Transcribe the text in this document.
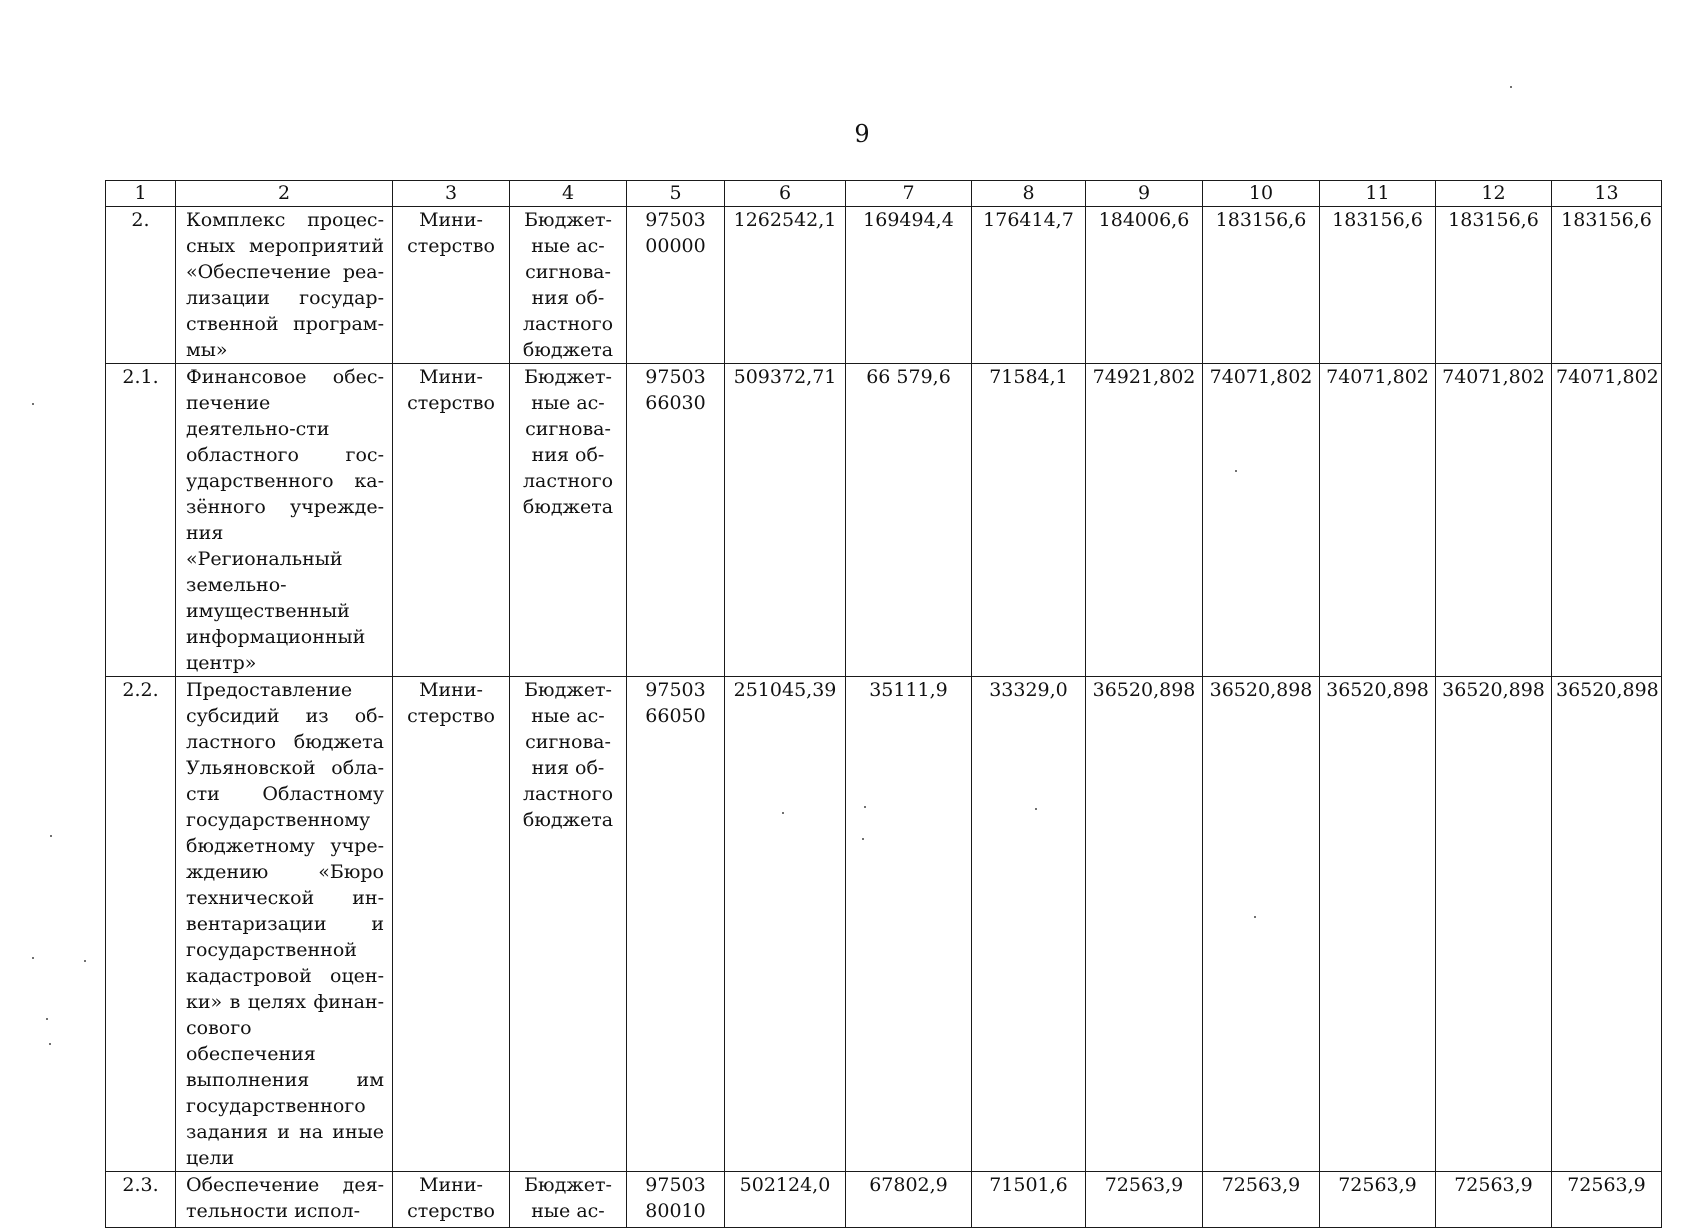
9
1	2	3	4	5	6	7	8	9	10	11	12	13
2.	Комплекс процес-сных мероприятий «Обеспечение реа-лизации государ-ственной програм-мы»	Мини-стерство	Бюджет-ные ас-сигнова-ния об-ластного бюджета	97503 00000	1262542,1	169494,4	176414,7	184006,6	183156,6	183156,6	183156,6	183156,6
2.1.	Финансовое обес-печение деятельно-сти областного гос-ударственного ка-зённого учрежде-ния «Региональный земельно-имущественный информационный центр»	Мини-стерство	Бюджет-ные ас-сигнова-ния об-ластного бюджета	97503 66030	509372,71	66 579,6	71584,1	74921,802	74071,802	74071,802	74071,802	74071,802
2.2.	Предоставление субсидий из об-ластного бюджета Ульяновской обла-сти Областному государственному бюджетному учре-ждению «Бюро технической ин-вентаризации и государственной кадастровой оцен-ки» в целях финан-сового обеспечения выполнения им государственного задания и на иные цели	Мини-стерство	Бюджет-ные ас-сигнова-ния об-ластного бюджета	97503 66050	251045,39	35111,9	33329,0	36520,898	36520,898	36520,898	36520,898	36520,898
2.3.	Обеспечение дея-тельности испол-	Мини-стерство	Бюджет-ные ас-	97503 80010	502124,0	67802,9	71501,6	72563,9	72563,9	72563,9	72563,9	72563,9
